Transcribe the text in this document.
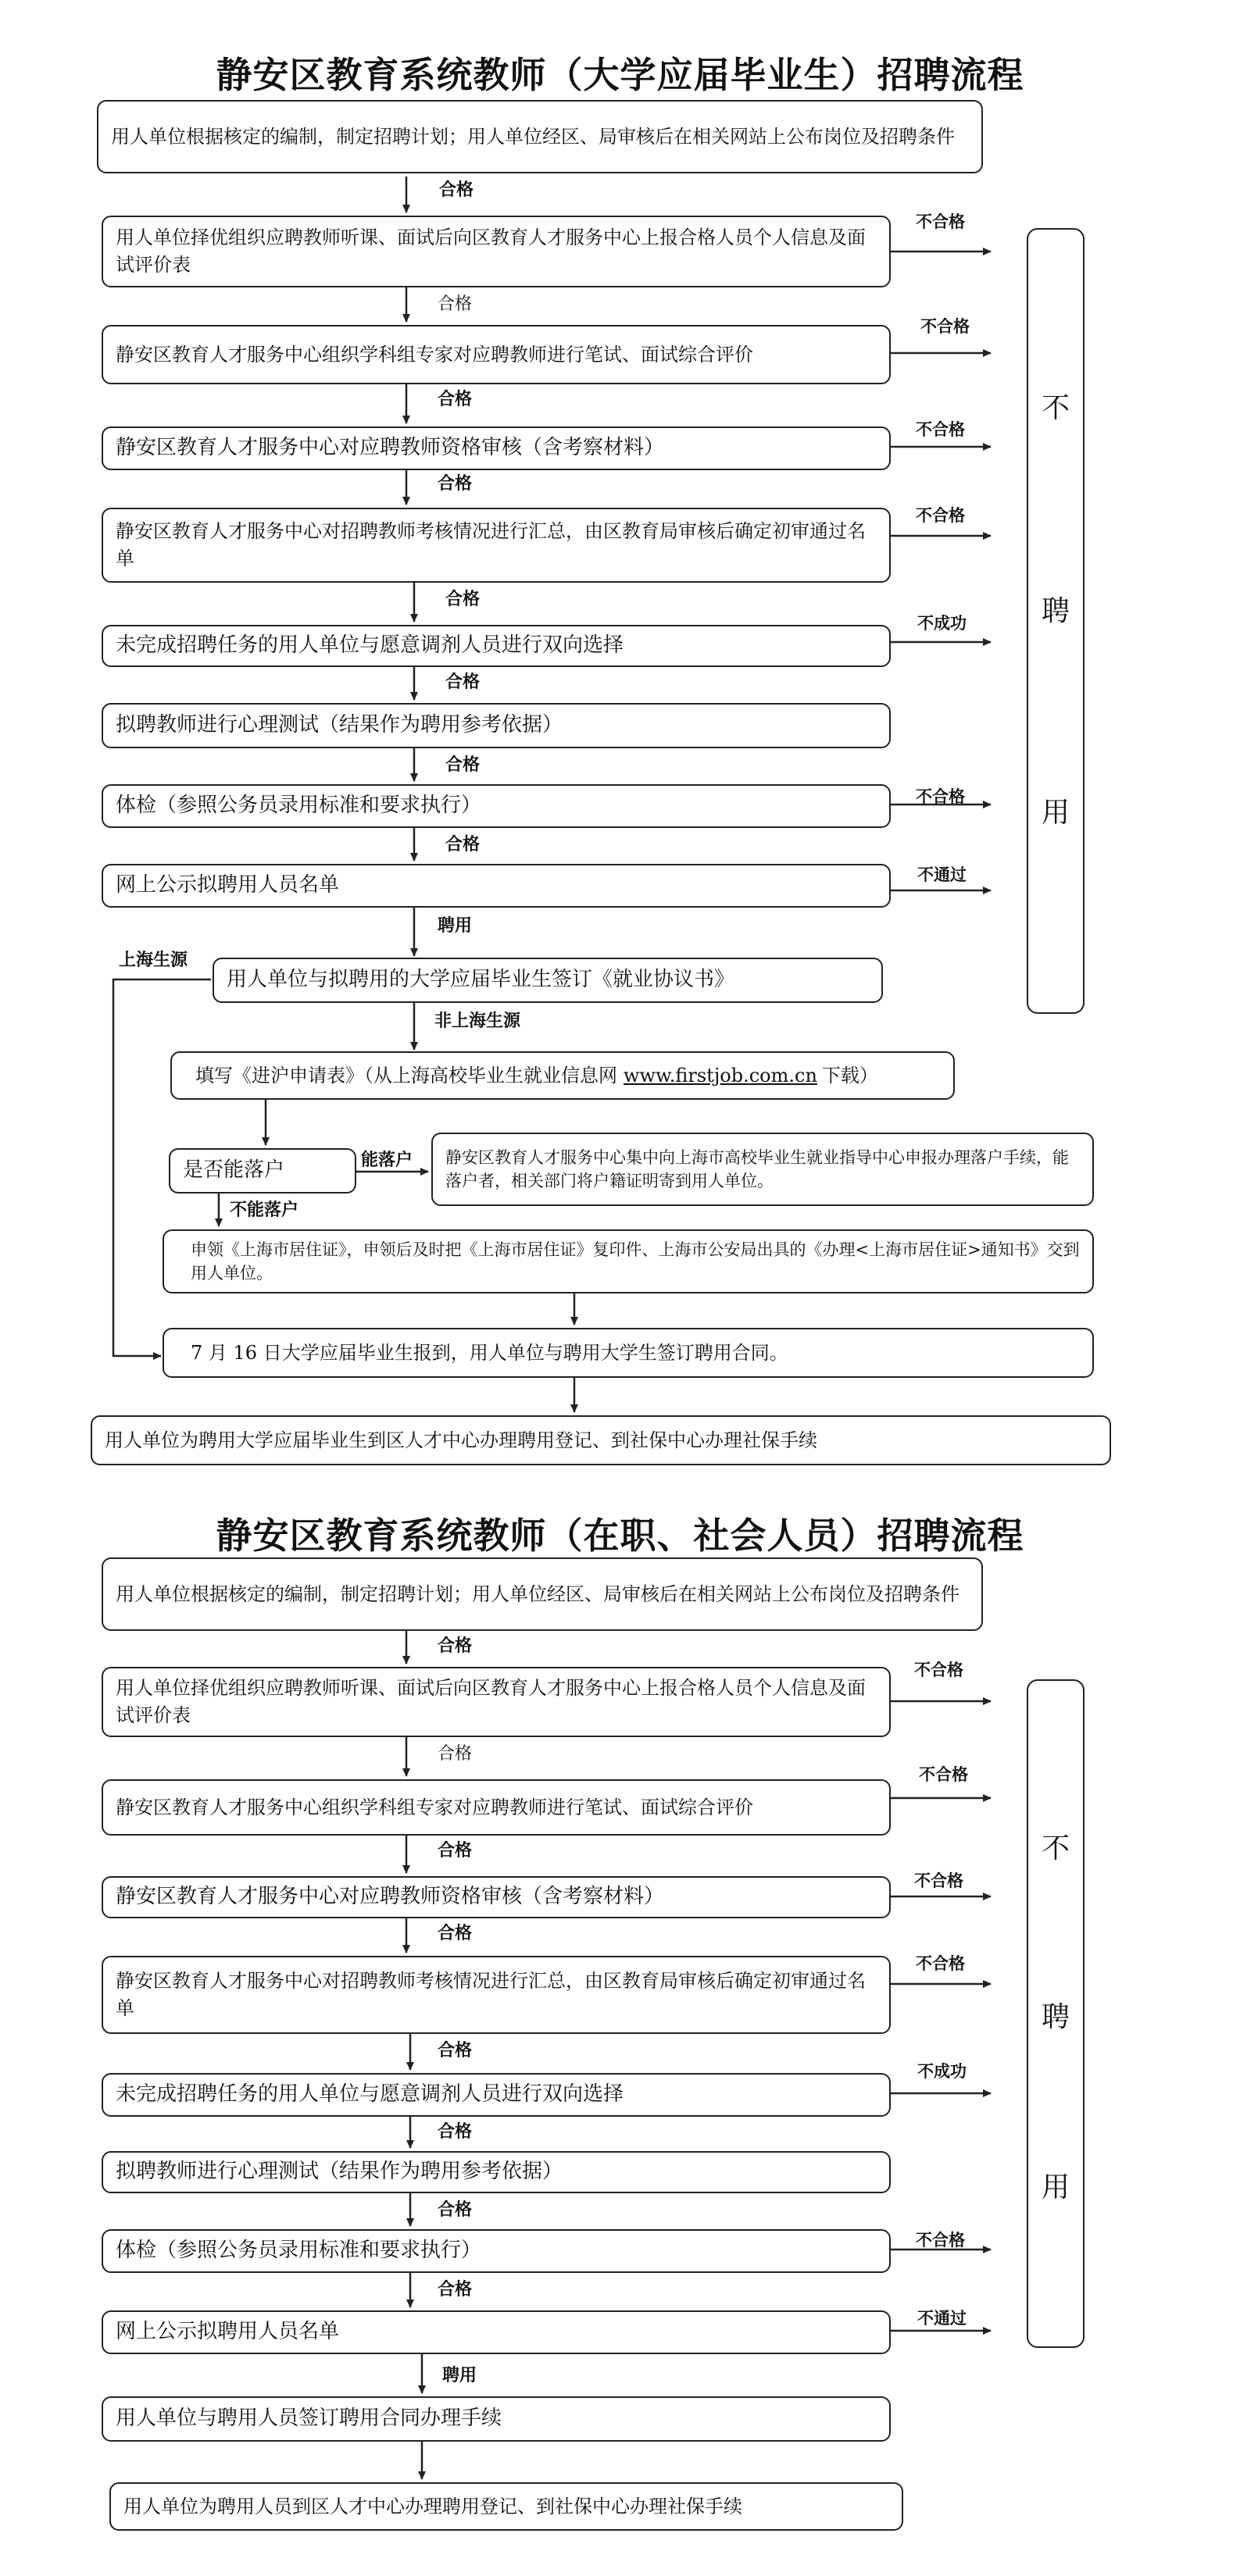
静安区教育系统教师（大学应届毕业生）招聘流程
用人单位根据核定的编制，制定招聘计划；用人单位经区、局审核后在相关网站上公布岗位及招聘条件
用人单位择优组织应聘教师听课、面试后向区教育人才服务中心上报合格人员个人信息及面试评价表
静安区教育人才服务中心组织学科组专家对应聘教师进行笔试、面试综合评价
静安区教育人才服务中心对应聘教师资格审核（含考察材料）
静安区教育人才服务中心对招聘教师考核情况进行汇总，由区教育局审核后确定初审通过名单
未完成招聘任务的用人单位与愿意调剂人员进行双向选择
拟聘教师进行心理测试（结果作为聘用参考依据）
体检（参照公务员录用标准和要求执行）
网上公示拟聘用人员名单
用人单位与拟聘用的大学应届毕业生签订《就业协议书》
填写《进沪申请表》（从上海高校毕业生就业信息网 www.firstjob.com.cn 下载）
是否能落户
静安区教育人才服务中心集中向上海市高校毕业生就业指导中心申报办理落户手续，能落户者，相关部门将户籍证明寄到用人单位。
申领《上海市居住证》，申领后及时把《上海市居住证》复印件、上海市公安局出具的《办理<上海市居住证>通知书》交到用人单位。
7 月 16 日大学应届毕业生报到，用人单位与聘用大学生签订聘用合同。
用人单位为聘用大学应届毕业生到区人才中心办理聘用登记、到社保中心办理社保手续
合格
合格
合格
合格
合格
合格
合格
合格
聘用
上海生源
非上海生源
能落户
不能落户
不合格
不合格
不合格
不合格
不成功
不合格
不通过
不
聘
用
静安区教育系统教师（在职、社会人员）招聘流程
用人单位根据核定的编制，制定招聘计划；用人单位经区、局审核后在相关网站上公布岗位及招聘条件
用人单位择优组织应聘教师听课、面试后向区教育人才服务中心上报合格人员个人信息及面试评价表
静安区教育人才服务中心组织学科组专家对应聘教师进行笔试、面试综合评价
静安区教育人才服务中心对应聘教师资格审核（含考察材料）
静安区教育人才服务中心对招聘教师考核情况进行汇总，由区教育局审核后确定初审通过名单
未完成招聘任务的用人单位与愿意调剂人员进行双向选择
拟聘教师进行心理测试（结果作为聘用参考依据）
体检（参照公务员录用标准和要求执行）
网上公示拟聘用人员名单
用人单位与聘用人员签订聘用合同办理手续
用人单位为聘用人员到区人才中心办理聘用登记、到社保中心办理社保手续
合格
合格
合格
合格
合格
合格
合格
合格
聘用
不合格
不合格
不合格
不合格
不成功
不合格
不通过
不
聘
用
